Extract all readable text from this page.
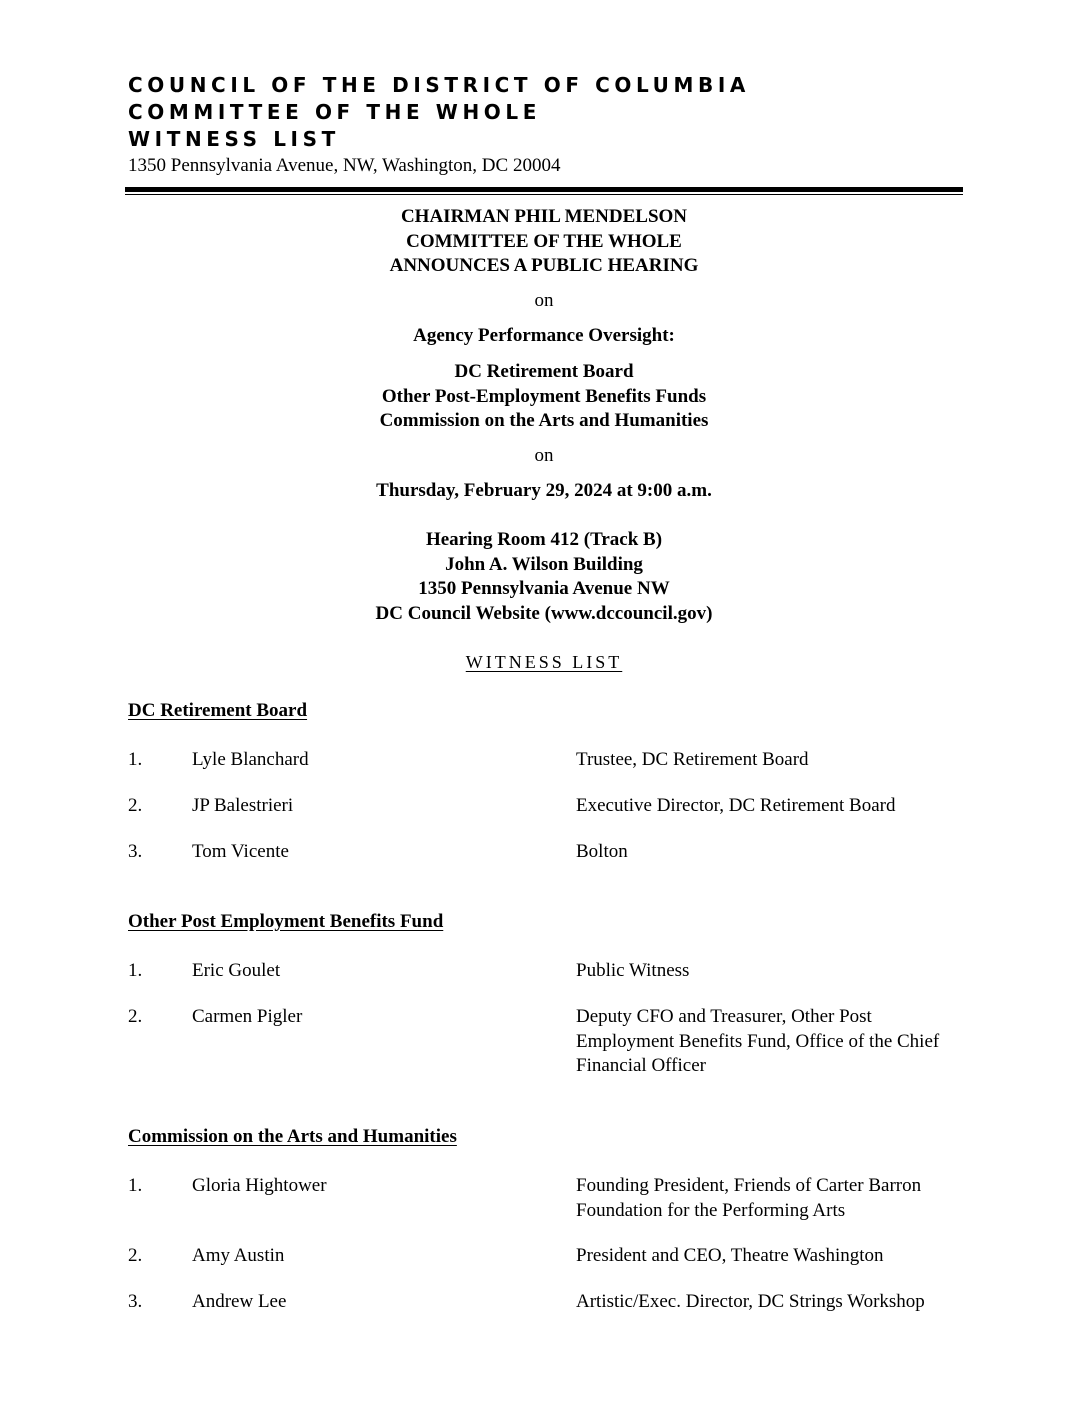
COUNCIL OF THE DISTRICT OF COLUMBIA
COMMITTEE OF THE WHOLE
WITNESS LIST
1350 Pennsylvania Avenue, NW, Washington, DC 20004
CHAIRMAN PHIL MENDELSON
COMMITTEE OF THE WHOLE
ANNOUNCES A PUBLIC HEARING
on
Agency Performance Oversight:
DC Retirement Board
Other Post-Employment Benefits Funds
Commission on the Arts and Humanities
on
Thursday, February 29, 2024 at 9:00 a.m.
Hearing Room 412 (Track B)
John A. Wilson Building
1350 Pennsylvania Avenue NW
DC Council Website (www.dccouncil.gov)
WITNESS LIST
DC Retirement Board
1.	Lyle Blanchard	Trustee, DC Retirement Board
2.	JP Balestrieri	Executive Director, DC Retirement Board
3.	Tom Vicente	Bolton
Other Post Employment Benefits Fund
1.	Eric Goulet	Public Witness
2.	Carmen Pigler	Deputy CFO and Treasurer, Other Post Employment Benefits Fund, Office of the Chief Financial Officer
Commission on the Arts and Humanities
1.	Gloria Hightower	Founding President, Friends of Carter Barron Foundation for the Performing Arts
2.	Amy Austin	President and CEO, Theatre Washington
3.	Andrew Lee	Artistic/Exec. Director, DC Strings Workshop
